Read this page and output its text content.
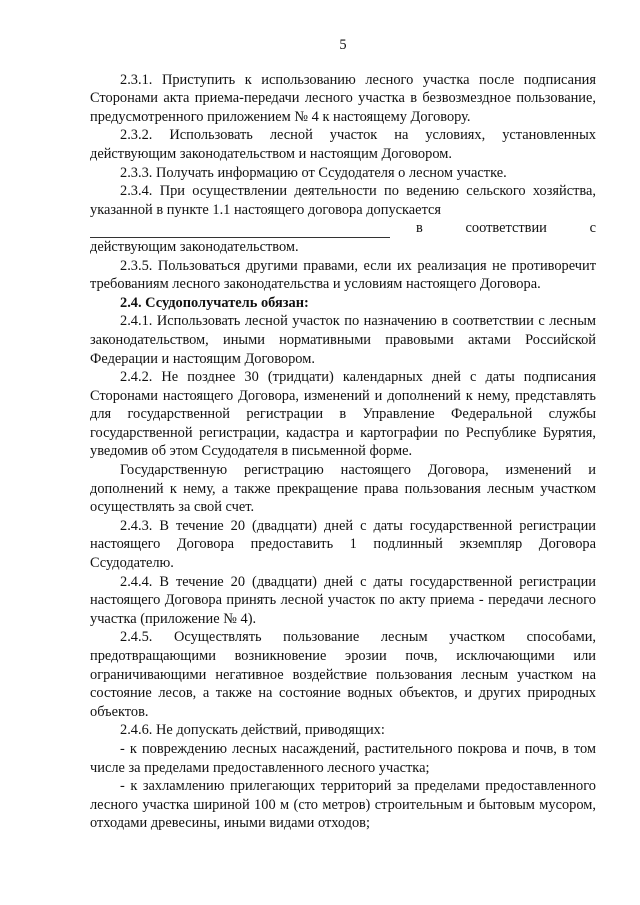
5

2.3.1. Приступить к использованию лесного участка после подписания Сторонами акта приема-передачи лесного участка в безвозмездное пользование, предусмотренного приложением № 4 к настоящему Договору.

2.3.2. Использовать лесной участок на условиях, установленных действующим законодательством и настоящим Договором.

2.3.3. Получать информацию от Ссудодателя о лесном участке.

2.3.4. При осуществлении деятельности по ведению сельского хозяйства, указанной в пункте 1.1 настоящего договора допускается

в	соответствии	с
действующим законодательством.

2.3.5. Пользоваться другими правами, если их реализация не противоречит требованиям лесного законодательства и условиям настоящего Договора.

2.4. Ссудополучатель обязан:

2.4.1. Использовать лесной участок по назначению в соответствии с лесным законодательством, иными нормативными правовыми актами Российской Федерации и настоящим Договором.

2.4.2. Не позднее 30 (тридцати) календарных дней с даты подписания Сторонами настоящего Договора, изменений и дополнений к нему, представлять для государственной регистрации в Управление Федеральной службы государственной регистрации, кадастра и картографии по Республике Бурятия, уведомив об этом Ссудодателя в письменной форме.

Государственную регистрацию настоящего Договора, изменений и дополнений к нему, а также прекращение права пользования лесным участком осуществлять за свой счет.

2.4.3. В течение 20 (двадцати) дней с даты государственной регистрации настоящего Договора предоставить 1 подлинный экземпляр Договора Ссудодателю.

2.4.4. В течение 20 (двадцати) дней с даты государственной регистрации настоящего Договора принять лесной участок по акту приема - передачи лесного участка (приложение № 4).

2.4.5. Осуществлять пользование лесным участком способами, предотвращающими возникновение эрозии почв, исключающими или ограничивающими негативное воздействие пользования лесным участком на состояние лесов, а также на состояние водных объектов, и других природных объектов.

2.4.6. Не допускать действий, приводящих:

- к повреждению лесных насаждений, растительного покрова и почв, в том числе за пределами предоставленного лесного участка;

- к захламлению прилегающих территорий за пределами предоставленного лесного участка шириной 100 м (сто метров) строительным и бытовым мусором, отходами древесины, иными видами отходов;
